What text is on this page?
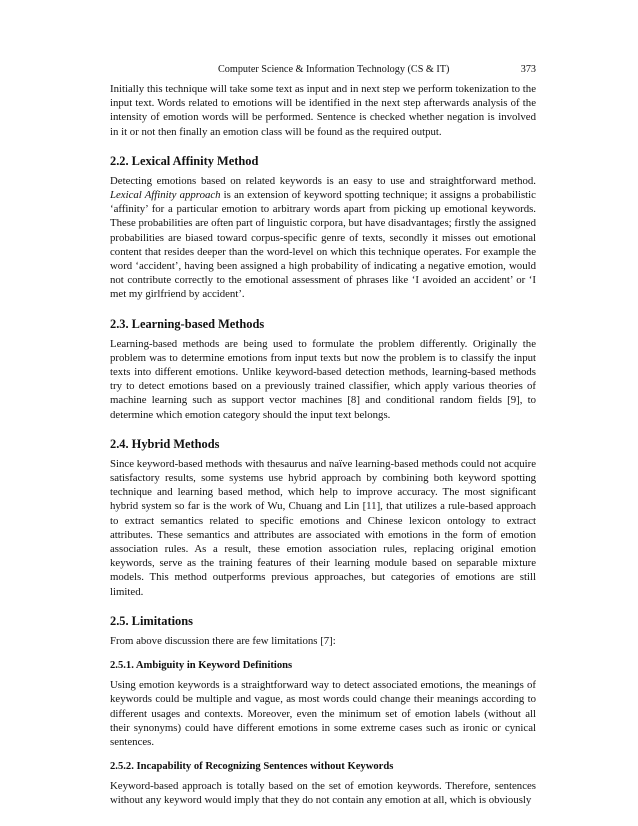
Computer Science & Information Technology (CS & IT)	373

Initially this technique will take some text as input and in next step we perform tokenization to the input text. Words related to emotions will be identified in the next step afterwards analysis of the intensity of emotion words will be performed. Sentence is checked whether negation is involved in it or not then finally an emotion class will be found as the required output.

2.2. Lexical Affinity Method

Detecting emotions based on related keywords is an easy to use and straightforward method. Lexical Affinity approach is an extension of keyword spotting technique; it assigns a probabilistic ‘affinity’ for a particular emotion to arbitrary words apart from picking up emotional keywords. These probabilities are often part of linguistic corpora, but have disadvantages; firstly the assigned probabilities are biased toward corpus-specific genre of texts, secondly it misses out emotional content that resides deeper than the word-level on which this technique operates. For example the word ‘accident’, having been assigned a high probability of indicating a negative emotion, would not contribute correctly to the emotional assessment of phrases like ‘I avoided an accident’ or ‘I met my girlfriend by accident’.

2.3. Learning-based Methods

Learning-based methods are being used to formulate the problem differently. Originally the problem was to determine emotions from input texts but now the problem is to classify the input texts into different emotions. Unlike keyword-based detection methods, learning-based methods try to detect emotions based on a previously trained classifier, which apply various theories of machine learning such as support vector machines [8] and conditional random fields [9], to determine which emotion category should the input text belongs.

2.4. Hybrid Methods

Since keyword-based methods with thesaurus and naïve learning-based methods could not acquire satisfactory results, some systems use hybrid approach by combining both keyword spotting technique and learning based method, which help to improve accuracy. The most significant hybrid system so far is the work of Wu, Chuang and Lin [11], that utilizes a rule-based approach to extract semantics related to specific emotions and Chinese lexicon ontology to extract attributes. These semantics and attributes are associated with emotions in the form of emotion association rules. As a result, these emotion association rules, replacing original emotion keywords, serve as the training features of their learning module based on separable mixture models. This method outperforms previous approaches, but categories of emotions are still limited.

2.5. Limitations

From above discussion there are few limitations [7]:

2.5.1. Ambiguity in Keyword Definitions

Using emotion keywords is a straightforward way to detect associated emotions, the meanings of keywords could be multiple and vague, as most words could change their meanings according to different usages and contexts. Moreover, even the minimum set of emotion labels (without all their synonyms) could have different emotions in some extreme cases such as ironic or cynical sentences.

2.5.2. Incapability of Recognizing Sentences without Keywords

Keyword-based approach is totally based on the set of emotion keywords. Therefore, sentences without any keyword would imply that they do not contain any emotion at all, which is obviously
